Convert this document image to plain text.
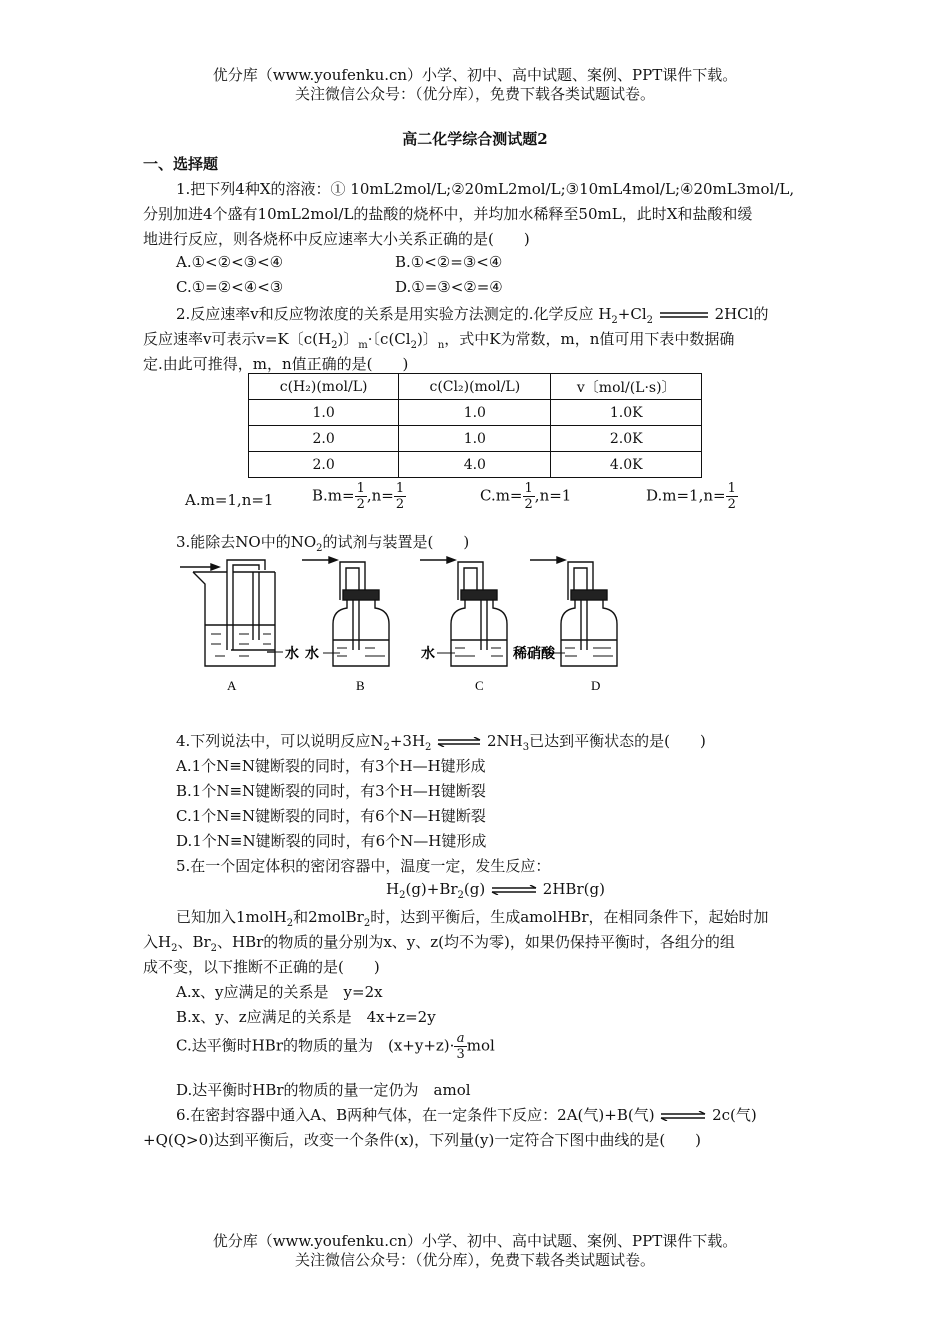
优分库（www.youfenku.cn）小学、初中、高中试题、案例、PPT课件下载。
关注微信公众号：（优分库），免费下载各类试题试卷。
高二化学综合测试题2
一、选择题
1.把下列4种X的溶液：① 10mL2mol/L;②20mL2mol/L;③10mL4mol/L;④20mL3mol/L,
分别加进4个盛有10mL2mol/L的盐酸的烧杯中，并均加水稀释至50mL，此时X和盐酸和缓
地进行反应，则各烧杯中反应速率大小关系正确的是(　　)
A.①<②<③<④	B.①<②=③<④
C.①=②<④<③	D.①=③<②=④
2.反应速率v和反应物浓度的关系是用实验方法测定的.化学反应 $H_2+Cl_2$	2HCl的
反应速率v可表示v=K〔$c(H_2)$〕$_m$·〔$c(Cl_2)$〕$_n$，式中K为常数，m，n值可用下表中数据确
定.由此可推得，m，n值正确的是(　　)
c(H₂)(mol/L)	c(Cl₂)(mol/L)	v〔mol/(L·s)〕
1.0	1.0	1.0K
2.0	1.0	2.0K
2.0	4.0	4.0K
A.m=1,n=1	$B.m= \frac{1}{2} ,n= \frac{1}{2}$	$C.m= \frac{1}{2} ,n=1$	$D.m=1,n= \frac{1}{2}$
3.能除去NO中的$NO_2$的试剂与装置是(　　)
水 水	水	稀硝酸
A	B	C	D
4.下列说法中，可以说明反应$N_2+3H_2$ ⇌ $2NH_3$已达到平衡状态的是(　　)
A.1个N≡N键断裂的同时，有3个H—H键形成
B.1个N≡N键断裂的同时，有3个H—H键断裂
C.1个N≡N键断裂的同时，有6个N—H键断裂
D.1个N≡N键断裂的同时，有6个N—H键形成
5.在一个固定体积的密闭容器中，温度一定，发生反应：
$H_2(g)+Br_2(g)$ ⇌ 2HBr(g)
已知加入1molH$_2$和2molBr$_2$时，达到平衡后，生成amolHBr，在相同条件下，起始时加
入$H_2$、$Br_2$、HBr的物质的量分别为x、y、z(均不为零)，如果仍保持平衡时，各组分的组
成不变，以下推断不正确的是(　　)
A.x、y应满足的关系是　y=2x
B.x、y、z应满足的关系是　4x+z=2y
C.达平衡时HBr的物质的量为　$(x+y+z)\cdot \frac{a}{3}$ mol
D.达平衡时HBr的物质的量一定仍为　amol
6.在密封容器中通入A、B两种气体，在一定条件下反应：2A(气)+B(气) ⇌ 2c(气)
+Q(Q>0)达到平衡后，改变一个条件(x)，下列量(y)一定符合下图中曲线的是(　　)
优分库（www.youfenku.cn）小学、初中、高中试题、案例、PPT课件下载。
关注微信公众号：（优分库），免费下载各类试题试卷。
